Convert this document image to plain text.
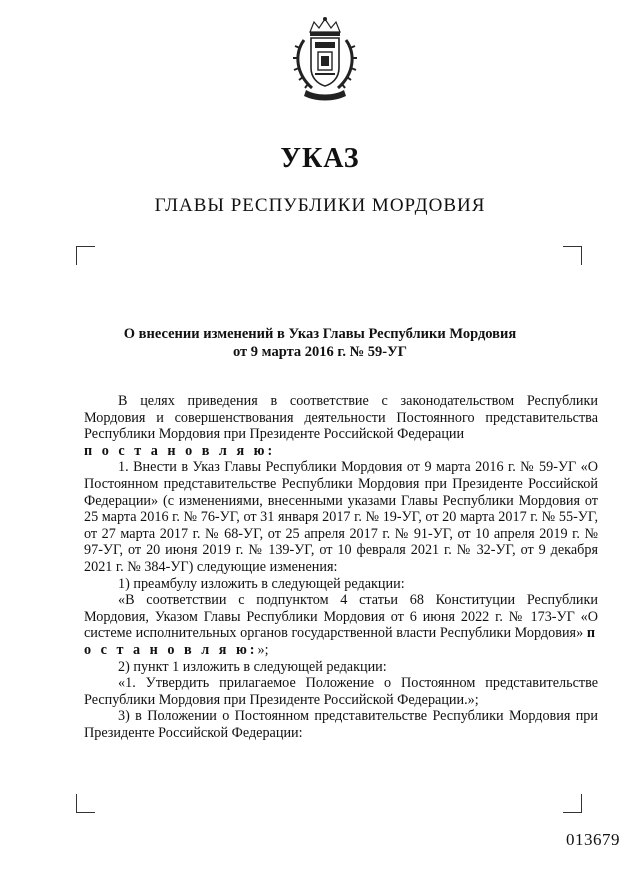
УКАЗ
ГЛАВЫ РЕСПУБЛИКИ МОРДОВИЯ
О внесении изменений в Указ Главы Республики Мордовия
от 9 марта 2016 г. № 59-УГ

В целях приведения в соответствие с законодательством Республики Мордовия и совершенствования деятельности Постоянного представительства Республики Мордовия при Президенте Российской Федерации

п о с т а н о в л я ю:

1. Внести в Указ Главы Республики Мордовия от 9 марта 2016 г. № 59-УГ «О Постоянном представительстве Республики Мордовия при Президенте Российской Федерации» (с изменениями, внесенными указами Главы Республики Мордовия от 25 марта 2016 г. № 76-УГ, от 31 января 2017 г. № 19-УГ, от 20 марта 2017 г. № 55-УГ, от 27 марта 2017 г. № 68-УГ, от 25 апреля 2017 г. № 91-УГ, от 10 апреля 2019 г. № 97-УГ, от 20 июня 2019 г. № 139-УГ, от 10 февраля 2021 г. № 32-УГ, от 9 декабря 2021 г. № 384-УГ) следующие изменения:

1) преамбулу изложить в следующей редакции:

«В соответствии с подпунктом 4 статьи 68 Конституции Республики Мордовия, Указом Главы Республики Мордовия от 6 июня 2022 г. № 173-УГ «О системе исполнительных органов государственной власти Республики Мордовия» п о с т а н о в л я ю:»;

2) пункт 1 изложить в следующей редакции:

«1. Утвердить прилагаемое Положение о Постоянном представительстве Республики Мордовия при Президенте Российской Федерации.»;

3) в Положении о Постоянном представительстве Республики Мордовия при Президенте Российской Федерации:

013679
